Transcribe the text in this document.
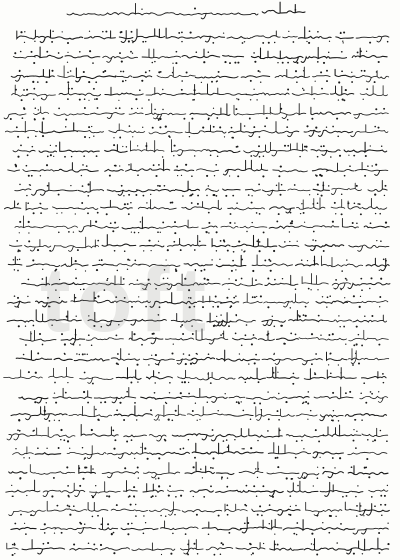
toft
